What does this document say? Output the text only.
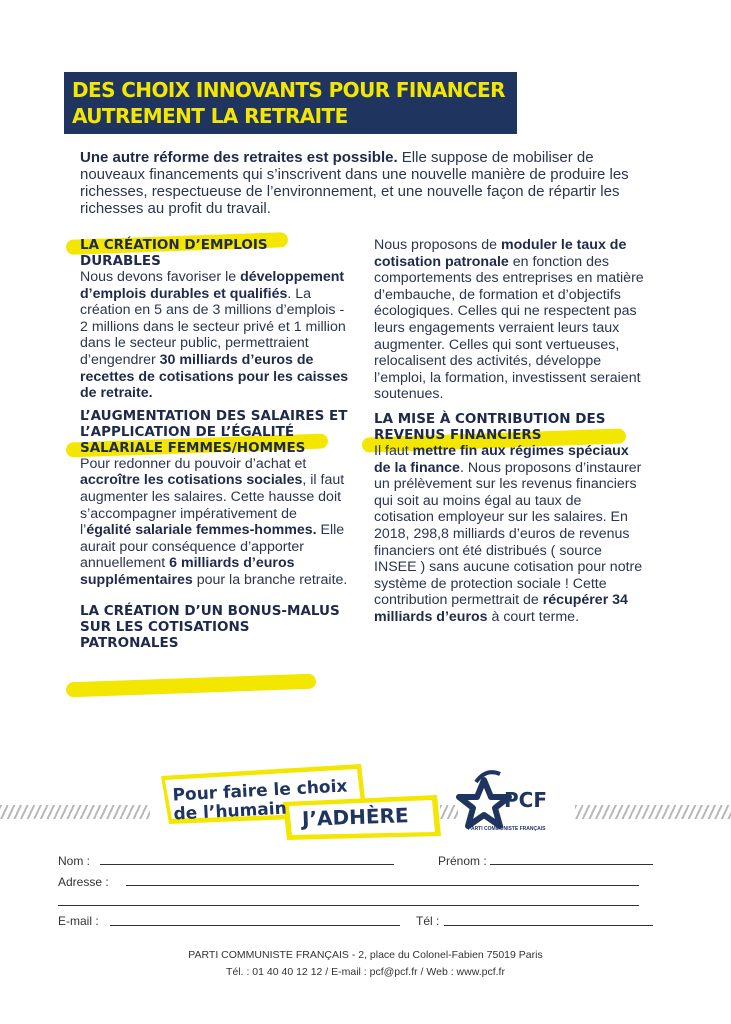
DES CHOIX INNOVANTS POUR FINANCER
AUTREMENT LA RETRAITE
Une autre réforme des retraites est possible. Elle suppose de mobiliser de nouveaux financements qui s’inscrivent dans une nouvelle manière de produire les richesses, respectueuse de l’environnement, et une nouvelle façon de répartir les richesses au profit du travail.
LA CRÉATION D’EMPLOIS DURABLES

Nous devons favoriser le développement d’emplois durables et qualifiés. La création en 5 ans de 3 millions d’emplois - 2 millions dans le secteur privé et 1 million dans le secteur public, permettraient d’engendrer 30 milliards d’euros de recettes de cotisations pour les caisses de retraite.

L’AUGMENTATION DES SALAIRES ET L’APPLICATION DE L’ÉGALITÉ SALARIALE FEMMES/HOMMES

Pour redonner du pouvoir d’achat et accroître les cotisations sociales, il faut augmenter les salaires. Cette hausse doit s’accompagner impérativement de l’égalité salariale femmes-hommes. Elle aurait pour conséquence d’apporter annuellement 6 milliards d’euros supplémentaires pour la branche retraite.

LA CRÉATION D’UN BONUS-MALUS SUR LES COTISATIONS PATRONALES

Nous proposons de moduler le taux de cotisation patronale en fonction des comportements des entreprises en matière d’embauche, de formation et d’objectifs écologiques. Celles qui ne respectent pas leurs engagements verraient leurs taux augmenter. Celles qui sont vertueuses, relocalisent des activités, développe l’emploi, la formation, investissent seraient soutenues.

LA MISE À CONTRIBUTION DES REVENUS FINANCIERS

Il faut mettre fin aux régimes spéciaux de la finance. Nous proposons d’instaurer un prélèvement sur les revenus financiers qui soit au moins égal au taux de cotisation employeur sur les salaires. En 2018, 298,8 milliards d’euros de revenus financiers ont été distribués ( source INSEE ) sans aucune cotisation pour notre système de protection sociale ! Cette contribution permettrait de récupérer 34 milliards d’euros à court terme.

Pour faire le choix
de l’humain J’ADHÈRE
PCF
PARTI COMMUNISTE FRANÇAIS
Nom :	Prénom :
Adresse :
E-mail :	Tél :
PARTI COMMUNISTE FRANÇAIS - 2, place du Colonel-Fabien 75019 Paris
Tél. : 01 40 40 12 12 / E-mail : pcf@pcf.fr / Web : www.pcf.fr
